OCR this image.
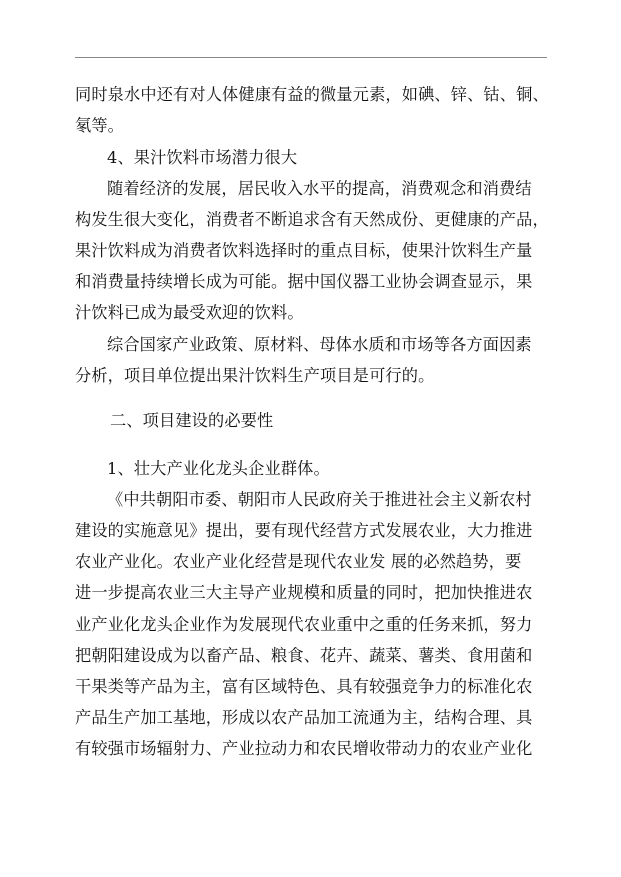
同时泉水中还有对人体健康有益的微量元素，如碘、锌、钴、铜、
氡等。
4、果汁饮料市场潜力很大
随着经济的发展，居民收入水平的提高，消费观念和消费结
构发生很大变化，消费者不断追求含有天然成份、更健康的产品，
果汁饮料成为消费者饮料选择时的重点目标，使果汁饮料生产量
和消费量持续增长成为可能。据中国仪器工业协会调查显示，果
汁饮料已成为最受欢迎的饮料。
综合国家产业政策、原材料、母体水质和市场等各方面因素
分析，项目单位提出果汁饮料生产项目是可行的。
二、项目建设的必要性
1、壮大产业化龙头企业群体。
《中共朝阳市委、朝阳市人民政府关于推进社会主义新农村
建设的实施意见》提出，要有现代经营方式发展农业，大力推进
农业产业化。农业产业化经营是现代农业发 展的必然趋势，要
进一步提高农业三大主导产业规模和质量的同时，把加快推进农
业产业化龙头企业作为发展现代农业重中之重的任务来抓，努力
把朝阳建设成为以畜产品、粮食、花卉、蔬菜、薯类、食用菌和
干果类等产品为主，富有区域特色、具有较强竞争力的标准化农
产品生产加工基地，形成以农产品加工流通为主，结构合理、具
有较强市场辐射力、产业拉动力和农民增收带动力的农业产业化
